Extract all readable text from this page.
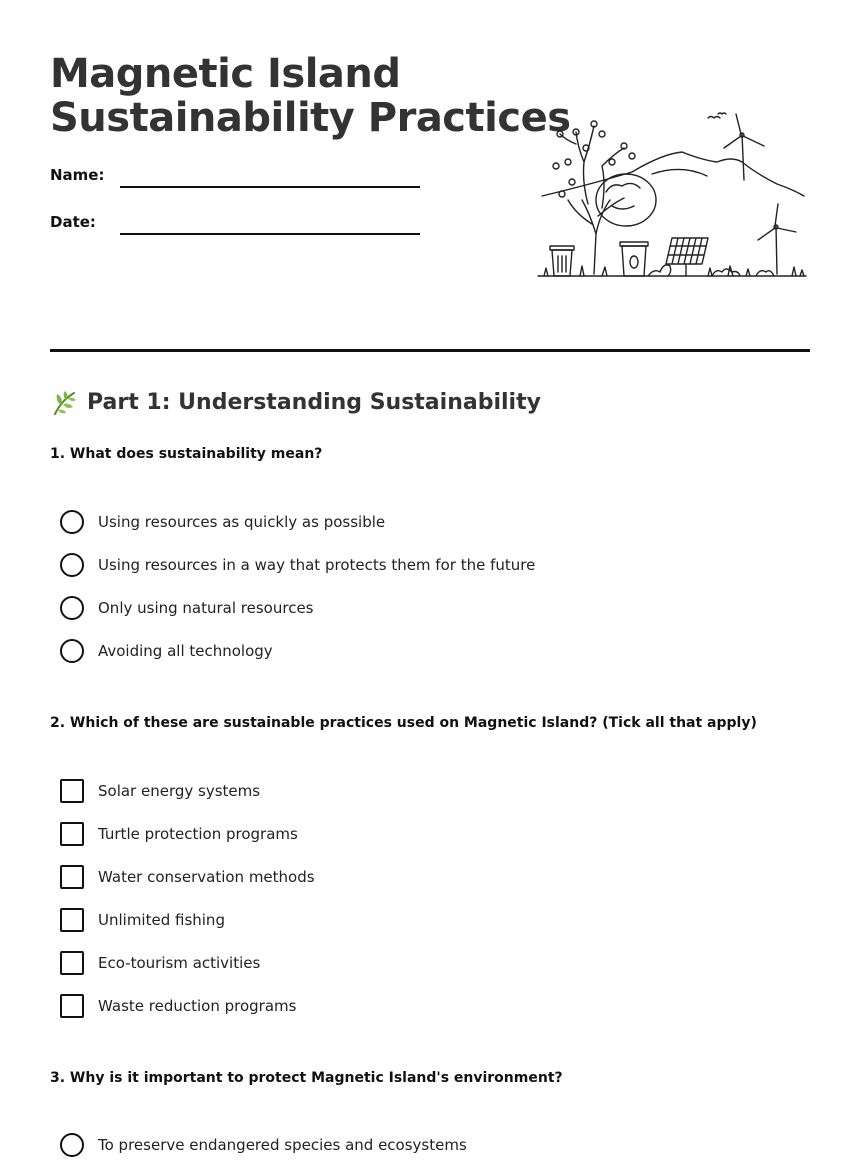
Magnetic Island
Sustainability Practices
Name:
Date:
Part 1: Understanding Sustainability

1. What does sustainability mean?

Using resources as quickly as possible
Using resources in a way that protects them for the future
Only using natural resources
Avoiding all technology

2. Which of these are sustainable practices used on Magnetic Island? (Tick all that apply)

Solar energy systems
Turtle protection programs
Water conservation methods
Unlimited fishing
Eco-tourism activities
Waste reduction programs

3. Why is it important to protect Magnetic Island's environment?

To preserve endangered species and ecosystems
